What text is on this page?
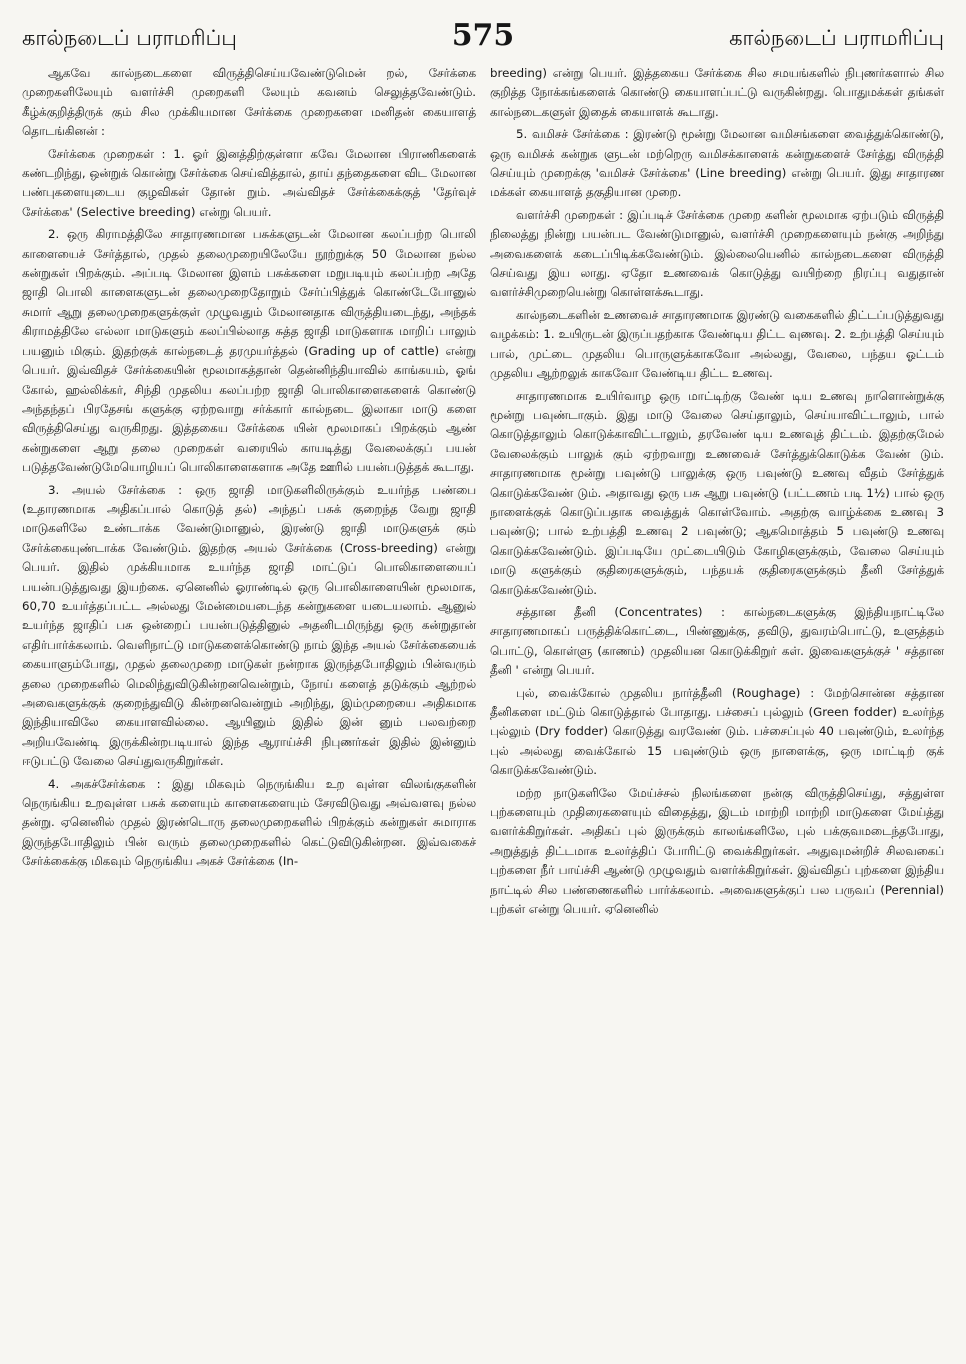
கால்நடைப் பராமரிப்பு	575	கால்நடைப் பராமரிப்பு

ஆகவே கால்நடைகளை விருத்திசெய்யவேண்டுமென் றல், சேர்க்கை முறைகளிலேயும் வளர்ச்சி முறைகளி லேயும் கவனம் செலுத்தவேண்டும். கீழ்க்குறித்திருக் கும் சில முக்கியமான சேர்க்கை முறைகளை மனிதன் கையாளத் தொடங்கினன் :

சேர்க்கை முறைகள் : 1. ஓர் இனத்திற்குள்ளா கவே மேலான பிராணிகளைக் கண்டறிந்து, ஒன்றுக் கொன்று சேர்க்கை செய்வித்தால், தாய் தந்தைகளை விட மேலான பண்புகளையுடைய குழவிகள் தோன் றும். அவ்விதச் சேர்க்கைக்குத் 'தேர்வுச் சேர்க்கை' (Selective breeding) என்று பெயர்.

2. ஒரு கிராமத்திலே சாதாரணமான பசுக்களுடன் மேலான கலப்பற்ற பொலி காளையைச் சேர்த்தால், முதல் தலைமுறையிலேயே நூற்றுக்கு 50 மேலான நல்ல கன்றுகள் பிறக்கும். அப்படி மேலான இளம் பசுக்களை மறுபடியும் கலப்பற்ற அதே ஜாதி பொலி காளைகளுடன் தலைமுறைதோறும் சேர்ப்பித்துக் கொண்டேபோனுல் சுமார் ஆறு தலைமுறைகளுக்குள் முழுவதும் மேலானதாக விருத்தியடைந்து, அந்தக் கிராமத்திலே எல்லா மாடுகளும் கலப்பில்லாத சுத்த ஜாதி மாடுகளாக மாறிப் பாலும் பயனும் மிகும். இதற்குக் கால்நடைத் தரமுயர்த்தல் (Grading up of cattle) என்று பெயர். இவ்விதச் சேர்க்கையின் மூலமாகத்தான் தென்னிந்தியாவில் காங்கயம், ஓங் கோல், ஹல்லிக்கர், சிந்தி முதலிய கலப்பற்ற ஜாதி பொலிகாளைகளைக் கொண்டு அந்தந்தப் பிரதேசங் களுக்கு ஏற்றவாறு சர்க்கார் கால்நடை இலாகா மாடு களை விருத்திசெய்து வருகிறது. இத்தகைய சேர்க்கை யின் மூலமாகப் பிறக்கும் ஆண் கன்றுகளை ஆறு தலை முறைகள் வரையில் காயடித்து வேலைக்குப் பயன் படுத்தவேண்டுமேயொழியப் பொலிகாளைகளாக அதே ஊரில் பயன்படுத்தக் கூடாது.

3. அயல் சேர்க்கை : ஒரு ஜாதி மாடுகளிலிருக்கும் உயர்ந்த பண்பை (உதாரணமாக அதிகப்பால் கொடுத் தல்) அந்தப் பசுக் குறைந்த வேறு ஜாதி மாடுகளிலே உண்டாக்க வேண்டுமானுல், இரண்டு ஜாதி மாடுகளுக் கும் சேர்க்கையுண்டாக்க வேண்டும். இதற்கு அயல் சேர்க்கை (Cross-breeding) என்று பெயர். இதில் முக்கியமாக உயர்ந்த ஜாதி மாட்டுப் பொலிகாளையைப் பயன்படுத்துவது இயற்கை. ஏனெனில் ஓராண்டில் ஒரு பொலிகாளையின் மூலமாக, 60,70 உயர்த்தப்பட்ட அல்லது மேன்மையடைந்த கன்றுகளை யடையலாம். ஆனுல் உயர்ந்த ஜாதிப் பசு ஒன்றைப் பயன்படுத்தினுல் அதனிடமிருந்து ஒரு கன்றுதான் எதிர்பார்க்கலாம். வெளிநாட்டு மாடுகளைக்கொண்டு நாம் இந்த அயல் சேர்க்கையைக் கையாளும்போது, முதல் தலைமுறை மாடுகள் நன்றாக இருந்தபோதிலும் பின்வரும் தலை முறைகளில் மெலிந்துவிடுகின்றனவென்றும், நோய் களைத் தடுக்கும் ஆற்றல் அவைகளுக்குக் குறைந்துவிடு கின்றனவென்றும் அறிந்து, இம்முறையை அதிகமாக இந்தியாவிலே கையாளவில்லை. ஆயினும் இதில் இன் னும் பலவற்றை அறியவேண்டி இருக்கின்றபடியால் இந்த ஆராய்ச்சி நிபுணர்கள் இதில் இன்னும் ஈடுபட்டு வேலை செய்துவருகிறுர்கள்.

4. அகச்சேர்க்கை : இது மிகவும் நெருங்கிய உற வுள்ள விலங்குகளின் நெருங்கிய உறவுள்ள பசுக் களையும் காளைகளையும் சேரவிடுவது அவ்வளவு நல்ல தன்று. ஏனெனில் முதல் இரண்டொரு தலைமுறைகளில் பிறக்கும் கன்றுகள் சுமாராக இருந்தபோதிலும் பின் வரும் தலைமுறைகளில் கெட்டுவிடுகின்றன. இவ்வகைச் சேர்க்கைக்கு மிகவும் நெருங்கிய அகச் சேர்க்கை (In-

breeding) என்று பெயர். இத்தகைய சேர்க்கை சில சமயங்களில் நிபுணர்களால் சில குறித்த நோக்கங்களைக் கொண்டு கையாளப்பட்டு வருகின்றது. பொதுமக்கள் தங்கள் கால்நடைகளுள் இதைக் கையாளக் கூடாது.

5. வமிசச் சேர்க்கை : இரண்டு மூன்று மேலான வமிசங்களை வைத்துக்கொண்டு, ஒரு வமிசக் கன்றுக ளுடன் மற்றெரு வமிசக்காளைக் கன்றுகளைச் சேர்த்து விருத்தி செய்யும் முறைக்கு 'வமிசச் சேர்க்கை' (Line breeding) என்று பெயர். இது சாதாரண மக்கள் கையாளத் தகுதியான முறை.

வளர்ச்சி முறைகள் : இப்படிச் சேர்க்கை முறை களின் மூலமாக ஏற்படும் விருத்தி நிலைத்து நின்று பயன்பட வேண்டுமானுல், வளர்ச்சி முறைகளையும் நன்கு அறிந்து அவைகளைக் கடைப்பிடிக்கவேண்டும். இல்லையெனில் கால்நடைகளை விருத்தி செய்வது இய லாது. ஏதோ உணவைக் கொடுத்து வயிற்றை நிரப்பு வதுதான் வளர்ச்சிமுறையென்று கொள்ளக்கூடாது.

கால்நடைகளின் உணவைச் சாதாரணமாக இரண்டு வகைகளில் திட்டப்படுத்துவது வழக்கம்: 1. உயிருடன் இருப்பதற்காக வேண்டிய திட்ட வுணவு. 2. உற்பத்தி செய்யும் பால், முட்டை முதலிய பொருளுக்காகவோ அல்லது, வேலை, பந்தய ஓட்டம் முதலிய ஆற்றலுக் காகவோ வேண்டிய திட்ட உணவு.

சாதாரணமாக உயிர்வாழ ஒரு மாட்டிற்கு வேண் டிய உணவு நாளொன்றுக்கு மூன்று பவுண்டாகும். இது மாடு வேலை செய்தாலும், செய்யாவிட்டாலும், பால் கொடுத்தாலும் கொடுக்காவிட்டாலும், தரவேண் டிய உணவுத் திட்டம். இதற்குமேல் வேலைக்கும் பாலுக் கும் ஏற்றவாறு உணவைச் சேர்த்துக்கொடுக்க வேண் டும். சாதாரணமாக மூன்று பவுண்டு பாலுக்கு ஒரு பவுண்டு உணவு வீதம் சேர்த்துக் கொடுக்கவேண் டும். அதாவது ஒரு பசு ஆறு பவுண்டு (பட்டணம் படி 1½) பால் ஒரு நாளைக்குக் கொடுப்பதாக வைத்துக் கொள்வோம். அதற்கு வாழ்க்கை உணவு 3 பவுண்டு; பால் உற்பத்தி உணவு 2 பவுண்டு; ஆகமொத்தம் 5 பவுண்டு உணவு கொடுக்கவேண்டும். இப்படியே முட்டையிடும் கோழிகளுக்கும், வேலை செய்யும் மாடு களுக்கும் குதிரைகளுக்கும், பந்தயக் குதிரைகளுக்கும் தீனி சேர்த்துக் கொடுக்கவேண்டும்.

சத்தான தீனி (Concentrates) : கால்நடைகளுக்கு இந்தியநாட்டிலே சாதாரணமாகப் பருத்திக்கொட்டை, பிண்ணுக்கு, தவிடு, துவரம்பொட்டு, உளுத்தம் பொட்டு, கொள்ளு (காணம்) முதலியன கொடுக்கிறுர் கள். இவைகளுக்குச் ' சத்தான தீனி ' என்று பெயர்.

புல், வைக்கோல் முதலிய நார்த்தீனி (Roughage) : மேற்சொன்ன சத்தான தீனிகளை மட்டும் கொடுத்தால் போதாது. பச்சைப் புல்லும் (Green fodder) உலர்ந்த புல்லும் (Dry fodder) கொடுத்து வரவேண் டும். பச்சைப்புல் 40 பவுண்டும், உலர்ந்த புல் அல்லது வைக்கோல் 15 பவுண்டும் ஒரு நாளைக்கு, ஒரு மாட்டிற் குக் கொடுக்கவேண்டும்.

மற்ற நாடுகளிலே மேய்ச்சல் நிலங்களை நன்கு விருத்திசெய்து, சத்துள்ள புற்களையும் முதிரைகளையும் விதைத்து, இடம் மாற்றி மாற்றி மாடுகளை மேய்த்து வளர்க்கிறுர்கள். அதிகப் புல் இருக்கும் காலங்களிலே, புல் பக்குவமடைந்தபோது, அறுத்துத் திட்டமாக உலர்த்திப் போரிட்டு வைக்கிறுர்கள். அதுவுமன்றிச் சிலவகைப் புற்களை நீர் பாய்ச்சி ஆண்டு முழுவதும் வளர்க்கிறுர்கள். இவ்விதப் புற்களை இந்திய நாட்டில் சில பண்ணைகளில் பார்க்கலாம். அவைகளுக்குப் பல பருவப் (Perennial) புற்கள் என்று பெயர். ஏனெனில்
